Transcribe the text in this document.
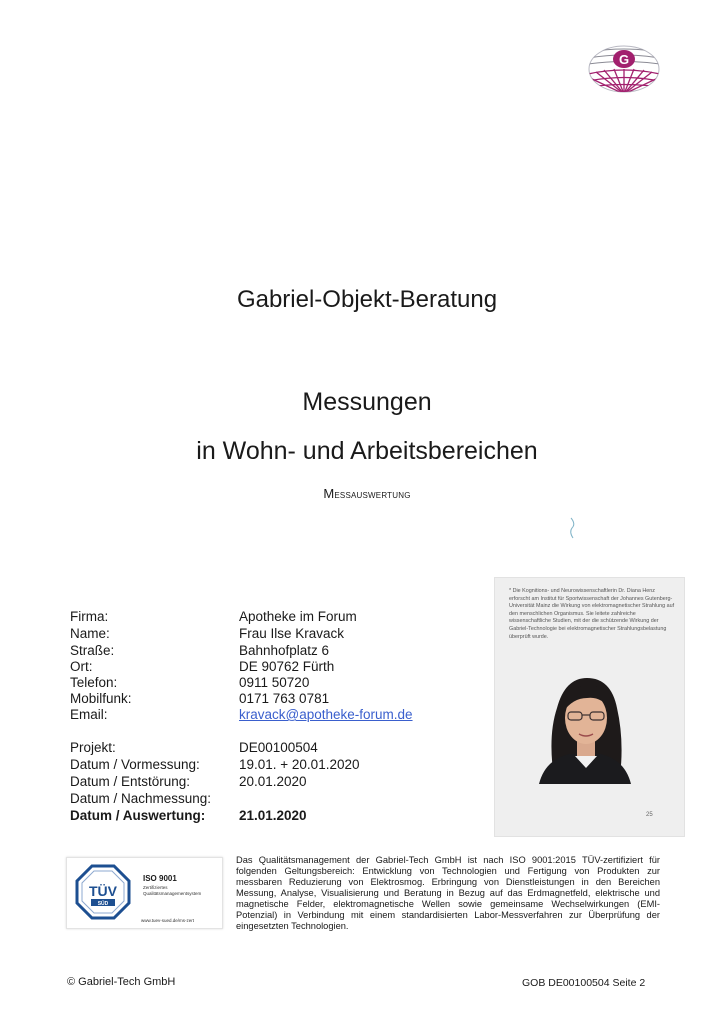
G
Gabriel-Objekt-Beratung
Messungen
in Wohn- und Arbeitsbereichen
Messauswertung
Firma:	Apotheke im Forum
Name:	Frau Ilse Kravack
Straße:	Bahnhofplatz 6
Ort:	DE 90762 Fürth
Telefon:	0911 50720
Mobilfunk:	0171 763 0781
Email:	kravack@apotheke-forum.de
Projekt:	DE00100504
Datum / Vormessung:	19.01. + 20.01.2020
Datum / Entstörung:	20.01.2020
Datum / Nachmessung:
Datum / Auswertung: 21.01.2020
* Die Kognitions- und Neurowissenschaftlerin Dr. Diana Henz erforscht am Institut für Sportwissenschaft der Johannes Gutenberg-Universität Mainz die Wirkung von elektromagnetischer Strahlung auf den menschlichen Organismus. Sie leitete zahlreiche wissenschaftliche Studien, mit der die schützende Wirkung der Gabriel-Technologie bei elektromagnetischer Strahlungsbelastung überprüft wurde.
25
TÜV
SÜD
ISO 9001
Zertifiziertes Qualitätsmanagementsystem
www.tuev-sued.de/ms-zert
Das Qualitätsmanagement der Gabriel-Tech GmbH ist nach ISO 9001:2015 TÜV-zertifiziert für folgenden Geltungsbereich: Entwicklung von Technologien und Fertigung von Produkten zur messbaren Reduzierung von Elektrosmog. Erbringung von Dienstleistungen in den Bereichen Messung, Analyse, Visualisierung und Beratung in Bezug auf das Erdmagnetfeld, elektrische und magnetische Felder, elektromagnetische Wellen sowie gemeinsame Wechselwirkungen (EMI-Potenzial) in Verbindung mit einem standardisierten Labor-Messverfahren zur Überprüfung der eingesetzten Technologien.
© Gabriel-Tech GmbH	GOB DE00100504 Seite 2
